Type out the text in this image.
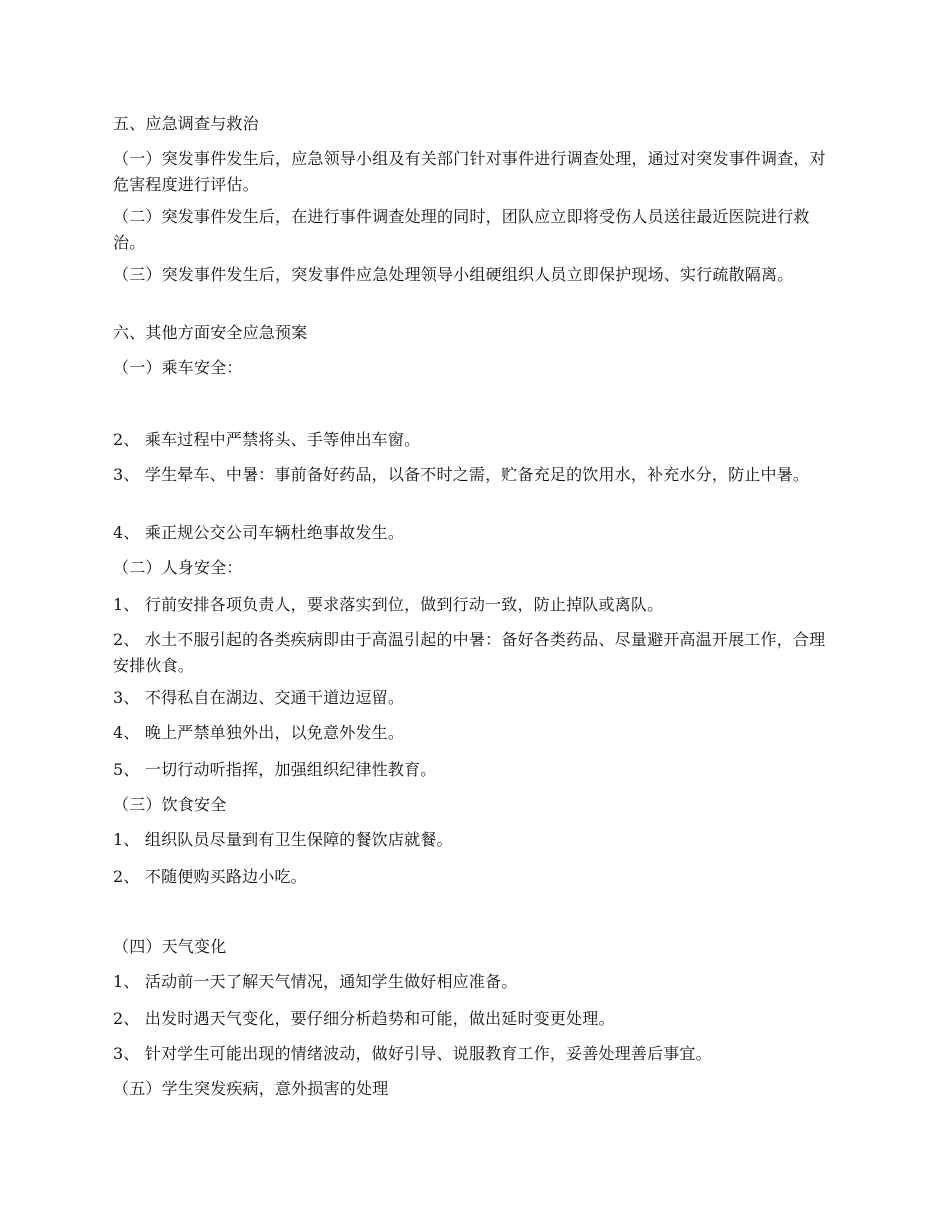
五、应急调查与救治
（一）突发事件发生后，应急领导小组及有关部门针对事件进行调查处理，通过对突发事件调查，对危害程度进行评估。
（二）突发事件发生后，在进行事件调查处理的同时，团队应立即将受伤人员送往最近医院进行救治。
（三）突发事件发生后，突发事件应急处理领导小组硬组织人员立即保护现场、实行疏散隔离。
六、其他方面安全应急预案
（一）乘车安全：
2、 乘车过程中严禁将头、手等伸出车窗。
3、 学生晕车、中暑：事前备好药品，以备不时之需，贮备充足的饮用水，补充水分，防止中暑。
4、 乘正规公交公司车辆杜绝事故发生。
（二）人身安全：
1、 行前安排各项负责人，要求落实到位，做到行动一致，防止掉队或离队。
2、 水土不服引起的各类疾病即由于高温引起的中暑：备好各类药品、尽量避开高温开展工作，合理安排伙食。
3、 不得私自在湖边、交通干道边逗留。
4、 晚上严禁单独外出，以免意外发生。
5、 一切行动听指挥，加强组织纪律性教育。
（三）饮食安全
1、 组织队员尽量到有卫生保障的餐饮店就餐。
2、 不随便购买路边小吃。
（四）天气变化
1、 活动前一天了解天气情况，通知学生做好相应准备。
2、 出发时遇天气变化，要仔细分析趋势和可能，做出延时变更处理。
3、 针对学生可能出现的情绪波动，做好引导、说服教育工作，妥善处理善后事宜。
（五）学生突发疾病，意外损害的处理
